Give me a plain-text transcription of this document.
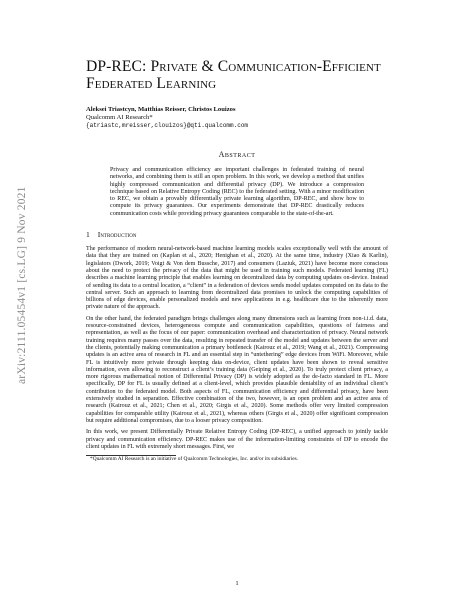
arXiv:2111.05454v1 [cs.LG] 9 Nov 2021
DP-REC: Private & Communication-Efficient
Federated Learning
Aleksei Triastcyn, Matthias Reisser, Christos Louizos
Qualcomm AI Research*
{atriastc,mreisser,clouizos}@qti.qualcomm.com
Abstract
Privacy and communication efficiency are important challenges in federated training of neural networks, and combining them is still an open problem. In this work, we develop a method that unifies highly compressed communication and differential privacy (DP). We introduce a compression technique based on Relative Entropy Coding (REC) to the federated setting. With a minor modification to REC, we obtain a provably differentially private learning algorithm, DP-REC, and show how to compute its privacy guarantees. Our experiments demonstrate that DP-REC drastically reduces communication costs while providing privacy guarantees comparable to the state-of-the-art.
1 Introduction

The performance of modern neural-network-based machine learning models scales exceptionally well with the amount of data that they are trained on (Kaplan et al., 2020; Henighan et al., 2020). At the same time, industry (Xiao & Karlin), legislators (Dwork, 2019; Voigt & Von dem Bussche, 2017) and consumers (Laziuk, 2021) have become more conscious about the need to protect the privacy of the data that might be used in training such models. Federated learning (FL) describes a machine learning principle that enables learning on decentralized data by computing updates on-device. Instead of sending its data to a central location, a “client” in a federation of devices sends model updates computed on its data to the central server. Such an approach to learning from decentralized data promises to unlock the computing capabilities of billions of edge devices, enable personalized models and new applications in e.g. healthcare due to the inherently more private nature of the approach.

On the other hand, the federated paradigm brings challenges along many dimensions such as learning from non-i.i.d. data, resource-constrained devices, heterogeneous compute and communication capabilities, questions of fairness and representation, as well as the focus of our paper: communication overhead and characterization of privacy. Neural network training requires many passes over the data, resulting in repeated transfer of the model and updates between the server and the clients, potentially making communication a primary bottleneck (Kairouz et al., 2019; Wang et al., 2021). Compressing updates is an active area of research in FL and an essential step in “untethering” edge devices from WiFi. Moreover, while FL is intuitively more private through keeping data on-device, client updates have been shown to reveal sensitive information, even allowing to reconstruct a client’s training data (Geiping et al., 2020). To truly protect client privacy, a more rigorous mathematical notion of Differential Privacy (DP) is widely adopted as the de-facto standard in FL. More specifically, DP for FL is usually defined at a client-level, which provides plausible deniability of an individual client’s contribution to the federated model. Both aspects of FL, communication efficiency and differential privacy, have been extensively studied in separation. Effective combination of the two, however, is an open problem and an active area of research (Kairouz et al., 2021; Chen et al., 2020; Girgis et al., 2020). Some methods offer very limited compression capabilities for comparable utility (Kairouz et al., 2021), whereas others (Girgis et al., 2020) offer significant compression but require additional compromises, due to a looser privacy composition.

In this work, we present Differentially Private Relative Entropy Coding (DP-REC), a unified approach to jointly tackle privacy and communication efficiency. DP-REC makes use of the information-limiting constraints of DP to encode the client updates in FL with extremely short messages. First, we

*Qualcomm AI Research is an initiative of Qualcomm Technologies, Inc. and/or its subsidiaries.
1
